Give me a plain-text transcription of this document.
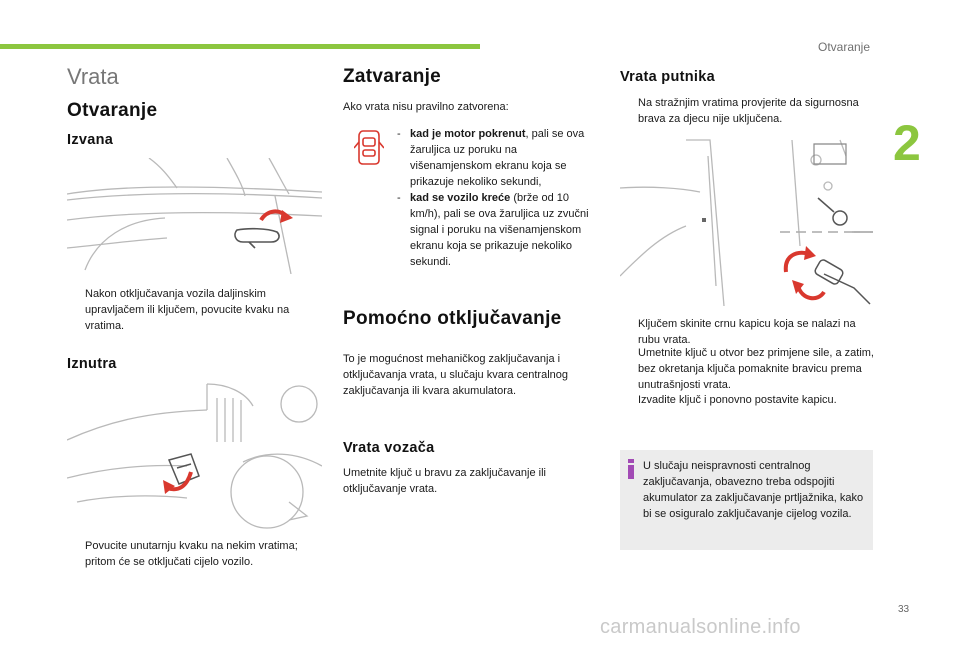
Otvaranje
2
Vrata
Otvaranje
Izvana
Nakon otključavanja vozila daljinskim upravljačem ili ključem, povucite kvaku na vratima.
Iznutra
Povucite unutarnju kvaku na nekim vratima; pritom će se otključati cijelo vozilo.
Zatvaranje
Ako vrata nisu pravilno zatvorena:
- kad je motor pokrenut, pali se ova žaruljica uz poruku na višenamjenskom ekranu koja se prikazuje nekoliko sekundi,
- kad se vozilo kreće (brže od 10 km/h), pali se ova žaruljica uz zvučni signal i poruku na višenamjenskom ekranu koja se prikazuje nekoliko sekundi.
Pomoćno otključavanje
To je mogućnost mehaničkog zaključavanja i otključavanja vrata, u slučaju kvara centralnog zaključavanja ili kvara akumulatora.
Vrata vozača
Umetnite ključ u bravu za zaključavanje ili otključavanje vrata.
Vrata putnika
Na stražnjim vratima provjerite da sigurnosna brava za djecu nije uključena.
Ključem skinite crnu kapicu koja se nalazi na rubu vrata.
Umetnite ključ u otvor bez primjene sile, a zatim, bez okretanja ključa pomaknite bravicu prema unutrašnjosti vrata.
Izvadite ključ i ponovno postavite kapicu.
U slučaju neispravnosti centralnog zaključavanja, obavezno treba odspojiti akumulator za zaključavanje prtljažnika, kako bi se osiguralo zaključavanje cijelog vozila.
33
carmanualsonline.info
